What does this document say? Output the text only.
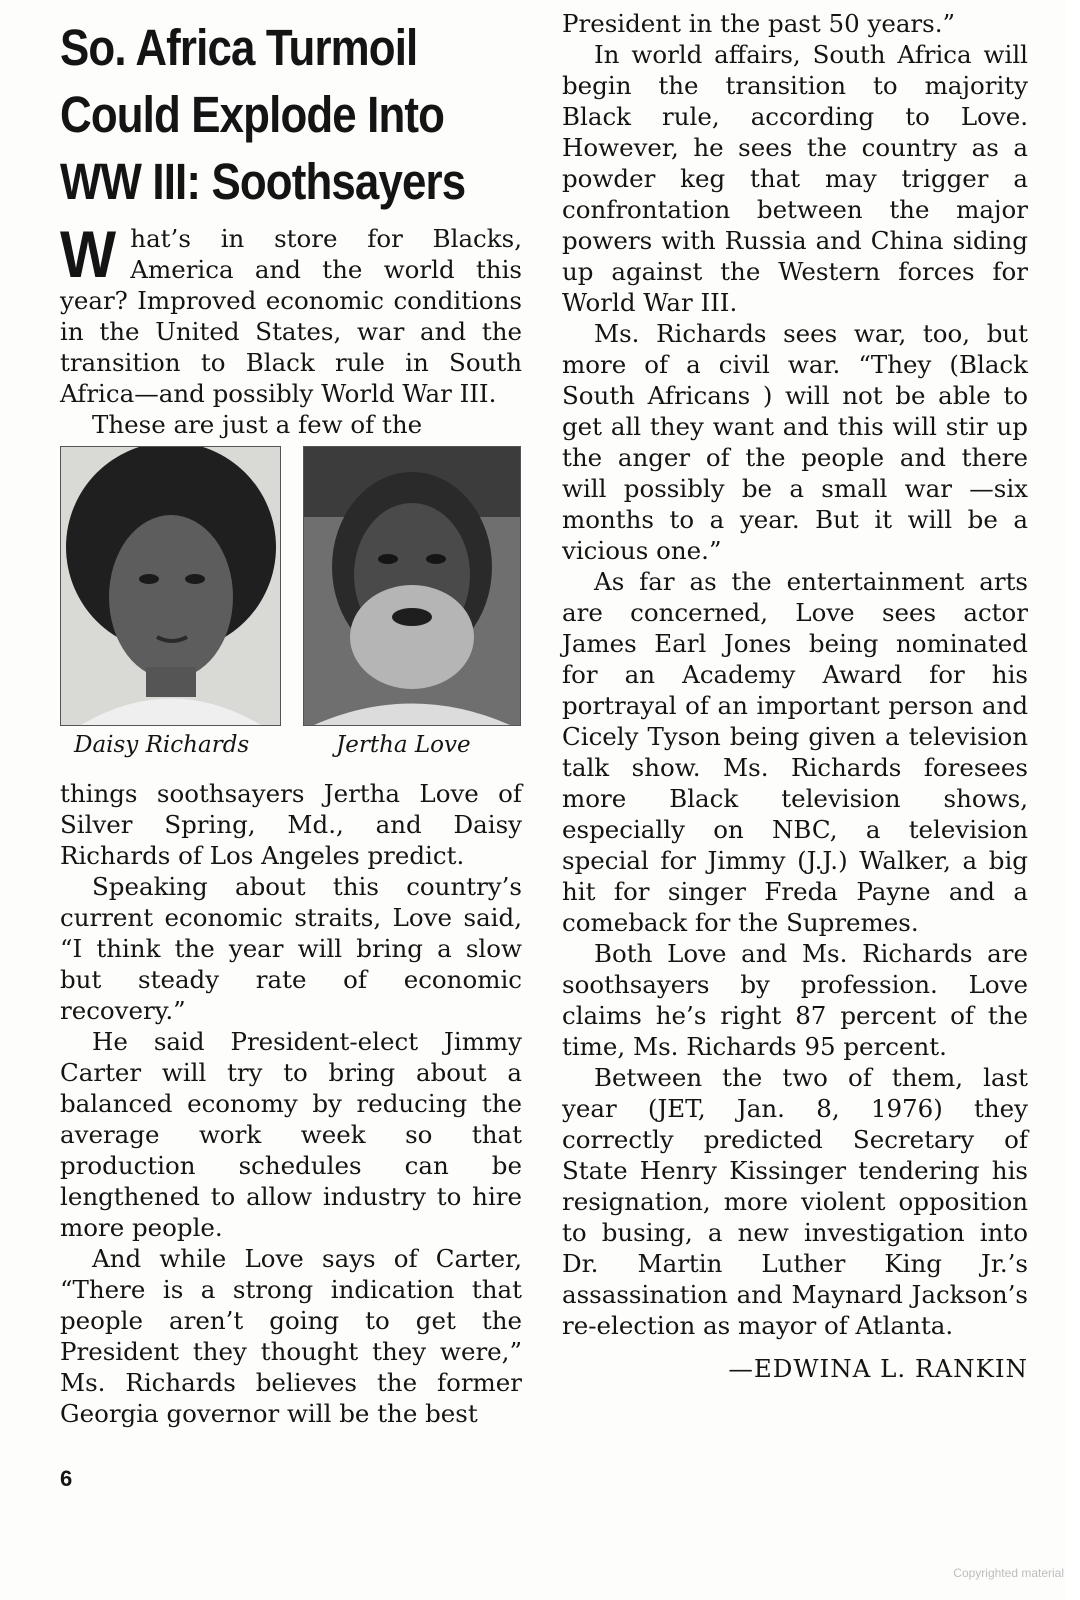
So. Africa Turmoil
Could Explode Into
WW III: Soothsayers

What’s in store for Blacks, America and the world this year? Improved economic conditions in the United States, war and the transition to Black rule in South Africa—and possibly World War III.

These are just a few of the

Daisy Richards	Jertha Love

things soothsayers Jertha Love of Silver Spring, Md., and Daisy Richards of Los Angeles predict.

Speaking about this country’s current economic straits, Love said, “I think the year will bring a slow but steady rate of economic recovery.”

He said President-elect Jimmy Carter will try to bring about a balanced economy by reducing the average work week so that production schedules can be lengthened to allow industry to hire more people.

And while Love says of Carter, “There is a strong indication that people aren’t going to get the President they thought they were,” Ms. Richards believes the former Georgia governor will be the best

President in the past 50 years.”

In world affairs, South Africa will begin the transition to majority Black rule, according to Love. However, he sees the country as a powder keg that may trigger a confrontation between the major powers with Russia and China siding up against the Western forces for World War III.

Ms. Richards sees war, too, but more of a civil war. “They (Black South Africans ) will not be able to get all they want and this will stir up the anger of the people and there will possibly be a small war —six months to a year. But it will be a vicious one.”

As far as the entertainment arts are concerned, Love sees actor James Earl Jones being nominated for an Academy Award for his portrayal of an important person and Cicely Tyson being given a television talk show. Ms. Richards foresees more Black television shows, especially on NBC, a television special for Jimmy (J.J.) Walker, a big hit for singer Freda Payne and a comeback for the Supremes.

Both Love and Ms. Richards are soothsayers by profession. Love claims he’s right 87 percent of the time, Ms. Richards 95 percent.

Between the two of them, last year (JET, Jan. 8, 1976) they correctly predicted Secretary of State Henry Kissinger tendering his resignation, more violent opposition to busing, a new investigation into Dr. Martin Luther King Jr.’s assassination and Maynard Jackson’s re-election as mayor of Atlanta.

—EDWINA L. RANKIN
6
Copyrighted material
